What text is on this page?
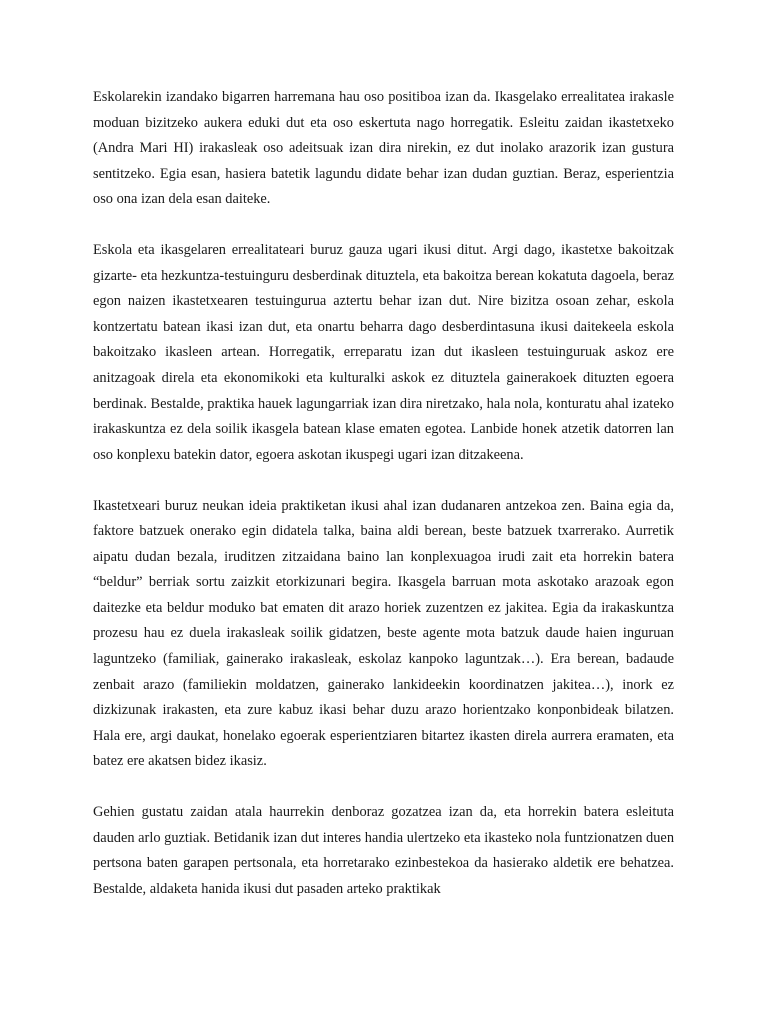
Eskolarekin izandako bigarren harremana hau oso positiboa izan da. Ikasgelako errealitatea irakasle moduan bizitzeko aukera eduki dut eta oso eskertuta nago horregatik. Esleitu zaidan ikastetxeko (Andra Mari HI) irakasleak oso adeitsuak izan dira nirekin, ez dut inolako arazorik izan gustura sentitzeko. Egia esan, hasiera batetik lagundu didate behar izan dudan guztian. Beraz, esperientzia oso ona izan dela esan daiteke.

Eskola eta ikasgelaren errealitateari buruz gauza ugari ikusi ditut. Argi dago, ikastetxe bakoitzak gizarte- eta hezkuntza-testuinguru desberdinak dituztela, eta bakoitza berean kokatuta dagoela, beraz egon naizen ikastetxearen testuingurua aztertu behar izan dut. Nire bizitza osoan zehar, eskola kontzertatu batean ikasi izan dut, eta onartu beharra dago desberdintasuna ikusi daitekeela eskola bakoitzako ikasleen artean. Horregatik, erreparatu izan dut ikasleen testuinguruak askoz ere anitzagoak direla eta ekonomikoki eta kulturalki askok ez dituztela gainerakoek dituzten egoera berdinak. Bestalde, praktika hauek lagungarriak izan dira niretzako, hala nola, konturatu ahal izateko irakaskuntza ez dela soilik ikasgela batean klase ematen egotea. Lanbide honek atzetik datorren lan oso konplexu batekin dator, egoera askotan ikuspegi ugari izan ditzakeena.

Ikastetxeari buruz neukan ideia praktiketan ikusi ahal izan dudanaren antzekoa zen. Baina egia da, faktore batzuek onerako egin didatela talka, baina aldi berean, beste batzuek txarrerako. Aurretik aipatu dudan bezala, iruditzen zitzaidana baino lan konplexuagoa irudi zait eta horrekin batera “beldur” berriak sortu zaizkit etorkizunari begira. Ikasgela barruan mota askotako arazoak egon daitezke eta beldur moduko bat ematen dit arazo horiek zuzentzen ez jakitea. Egia da irakaskuntza prozesu hau ez duela irakasleak soilik gidatzen, beste agente mota batzuk daude haien inguruan laguntzeko (familiak, gainerako irakasleak, eskolaz kanpoko laguntzak…). Era berean, badaude zenbait arazo (familiekin moldatzen, gainerako lankideekin koordinatzen jakitea…), inork ez dizkizunak irakasten, eta zure kabuz ikasi behar duzu arazo horientzako konponbideak bilatzen. Hala ere, argi daukat, honelako egoerak esperientziaren bitartez ikasten direla aurrera eramaten, eta batez ere akatsen bidez ikasiz.

Gehien gustatu zaidan atala haurrekin denboraz gozatzea izan da, eta horrekin batera esleituta dauden arlo guztiak. Betidanik izan dut interes handia ulertzeko eta ikasteko nola funtzionatzen duen pertsona baten garapen pertsonala, eta horretarako ezinbestekoa da hasierako aldetik ere behatzea. Bestalde, aldaketa hanida ikusi dut pasaden arteko praktikak
